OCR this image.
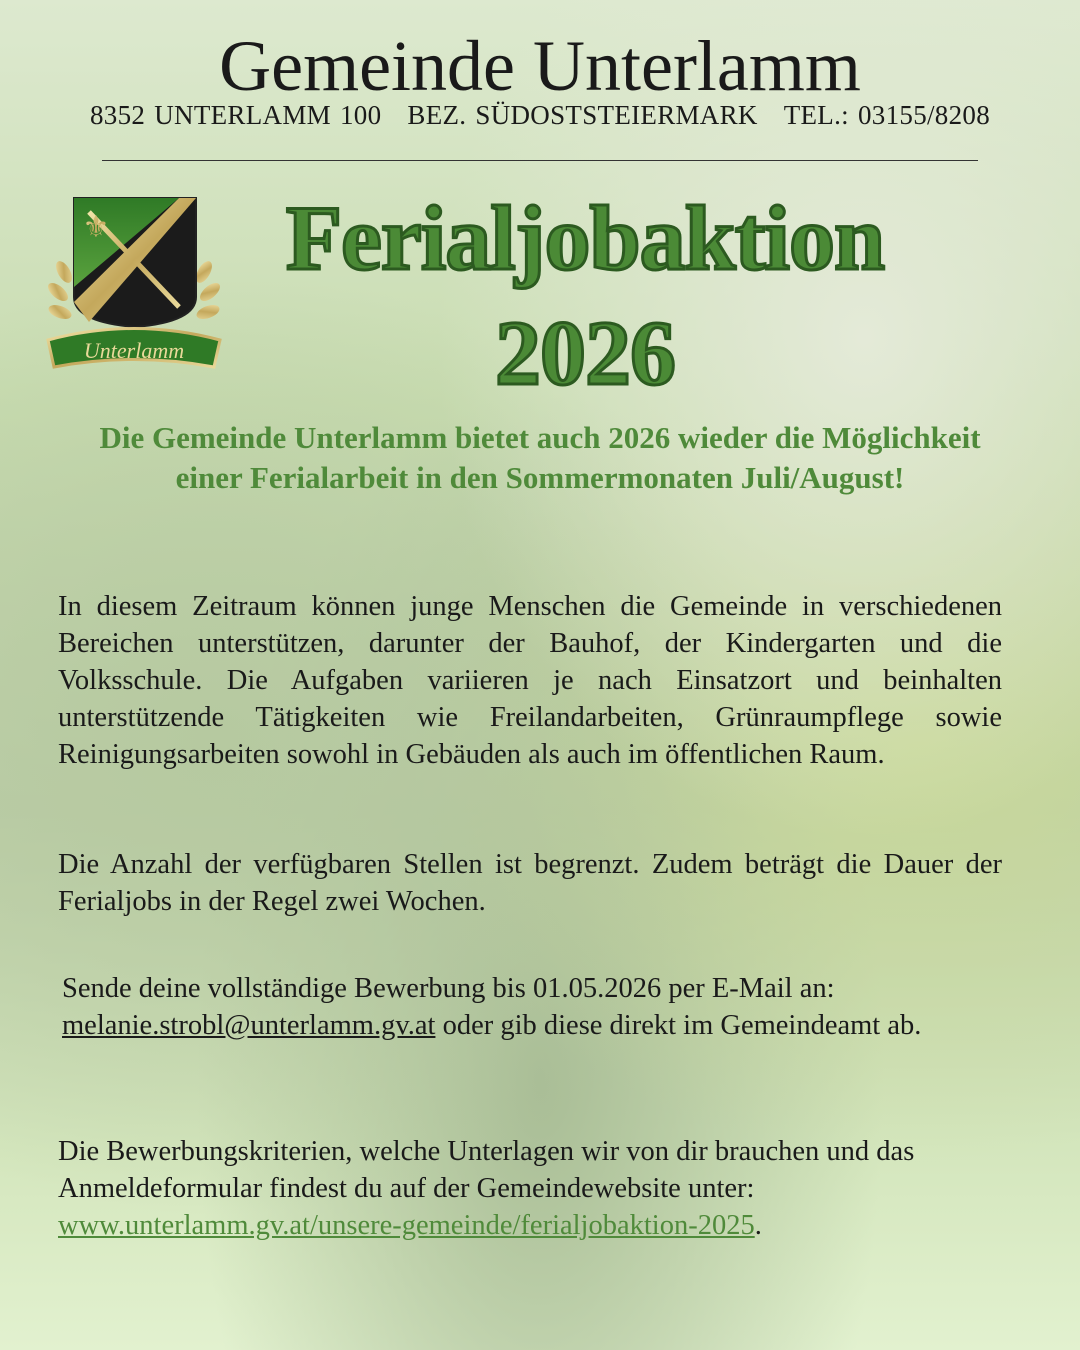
Gemeinde Unterlamm
8352 UNTERLAMM 100 BEZ. SÜDOSTSTEIERMARK TEL.: 03155/8208
⚜
Unterlamm
Ferialjobaktion
2026
Die Gemeinde Unterlamm bietet auch 2026 wieder die Möglichkeit einer Ferialarbeit in den Sommermonaten Juli/August!
In diesem Zeitraum können junge Menschen die Gemeinde in verschiedenen Bereichen unterstützen, darunter der Bauhof, der Kindergarten und die Volksschule. Die Aufgaben variieren je nach Einsatzort und beinhalten unterstützende Tätigkeiten wie Freilandarbeiten, Grünraumpflege sowie Reinigungsarbeiten sowohl in Gebäuden als auch im öffentlichen Raum.
Die Anzahl der verfügbaren Stellen ist begrenzt. Zudem beträgt die Dauer der Ferialjobs in der Regel zwei Wochen.
Sende deine vollständige Bewerbung bis 01.05.2026 per E-Mail an:
melanie.strobl@unterlamm.gv.at oder gib diese direkt im Gemeindeamt ab.
Die Bewerbungskriterien, welche Unterlagen wir von dir brauchen und das Anmeldeformular findest du auf der Gemeindewebsite unter: www.unterlamm.gv.at/unsere-gemeinde/ferialjobaktion-2025.
